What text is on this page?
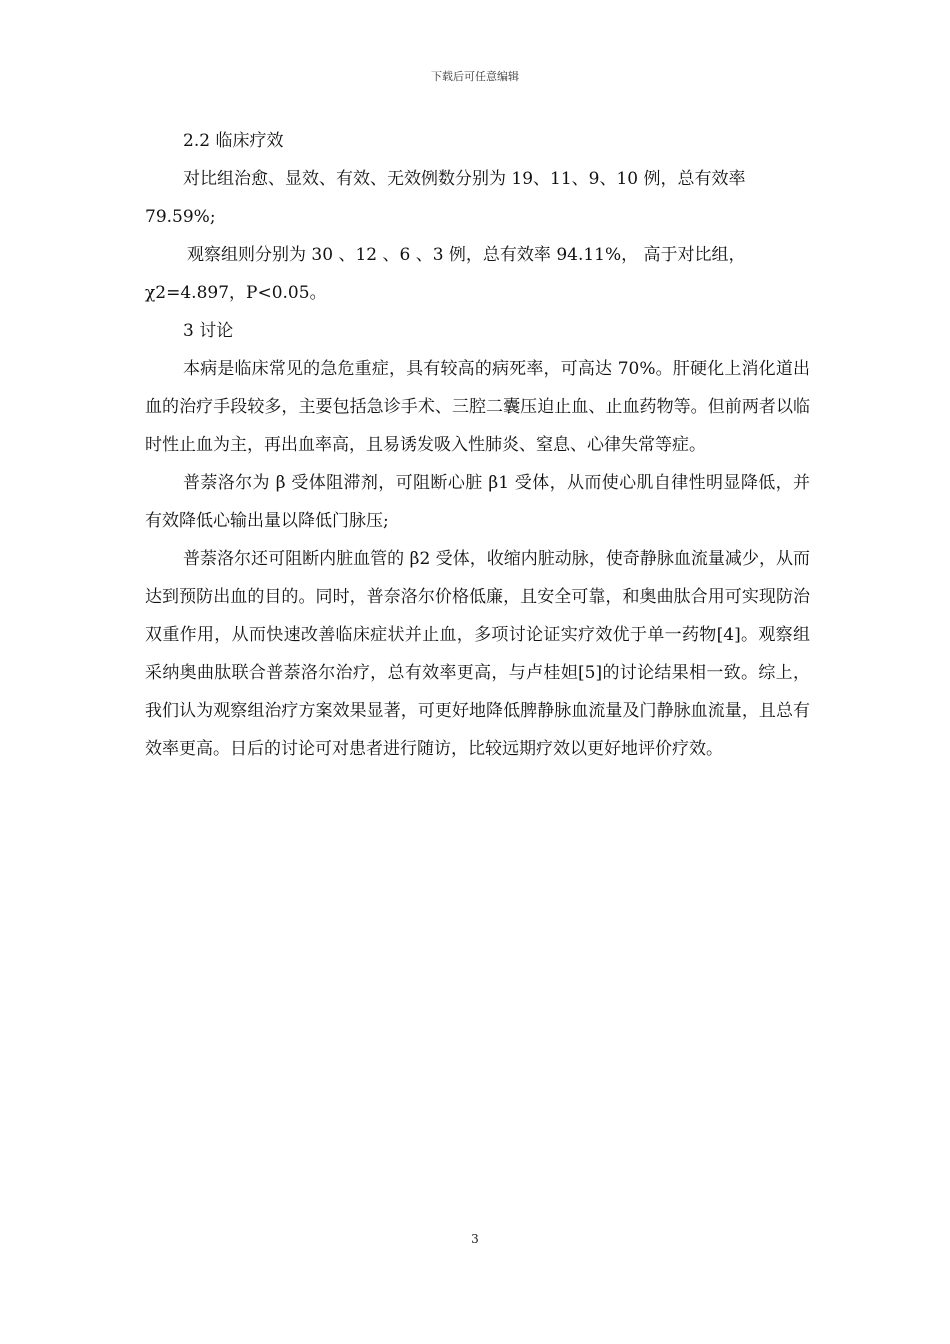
下载后可任意编辑

2.2 临床疗效

对比组治愈、显效、有效、无效例数分别为 19、11、9、10 例，总有效率

79.59%;

观察组则分别为 30 、12 、6 、3 例，总有效率 94.11%， 高于对比组，

χ2=4.897，P<0.05。

3 讨论

本病是临床常见的急危重症，具有较高的病死率，可高达 70%。肝硬化上消化道出血的治疗手段较多，主要包括急诊手术、三腔二囊压迫止血、止血药物等。但前两者以临时性止血为主，再出血率高，且易诱发吸入性肺炎、窒息、心律失常等症。

普萘洛尔为 β 受体阻滞剂，可阻断心脏 β1 受体，从而使心肌自律性明显降低，并有效降低心输出量以降低门脉压;

普萘洛尔还可阻断内脏血管的 β2 受体，收缩内脏动脉，使奇静脉血流量减少，从而达到预防出血的目的。同时，普奈洛尔价格低廉，且安全可靠，和奥曲肽合用可实现防治双重作用，从而快速改善临床症状并止血，多项讨论证实疗效优于单一药物[4]。观察组采纳奥曲肽联合普萘洛尔治疗，总有效率更高，与卢桂妲[5]的讨论结果相一致。综上，我们认为观察组治疗方案效果显著，可更好地降低脾静脉血流量及门静脉血流量，且总有效率更高。日后的讨论可对患者进行随访，比较远期疗效以更好地评价疗效。

3
